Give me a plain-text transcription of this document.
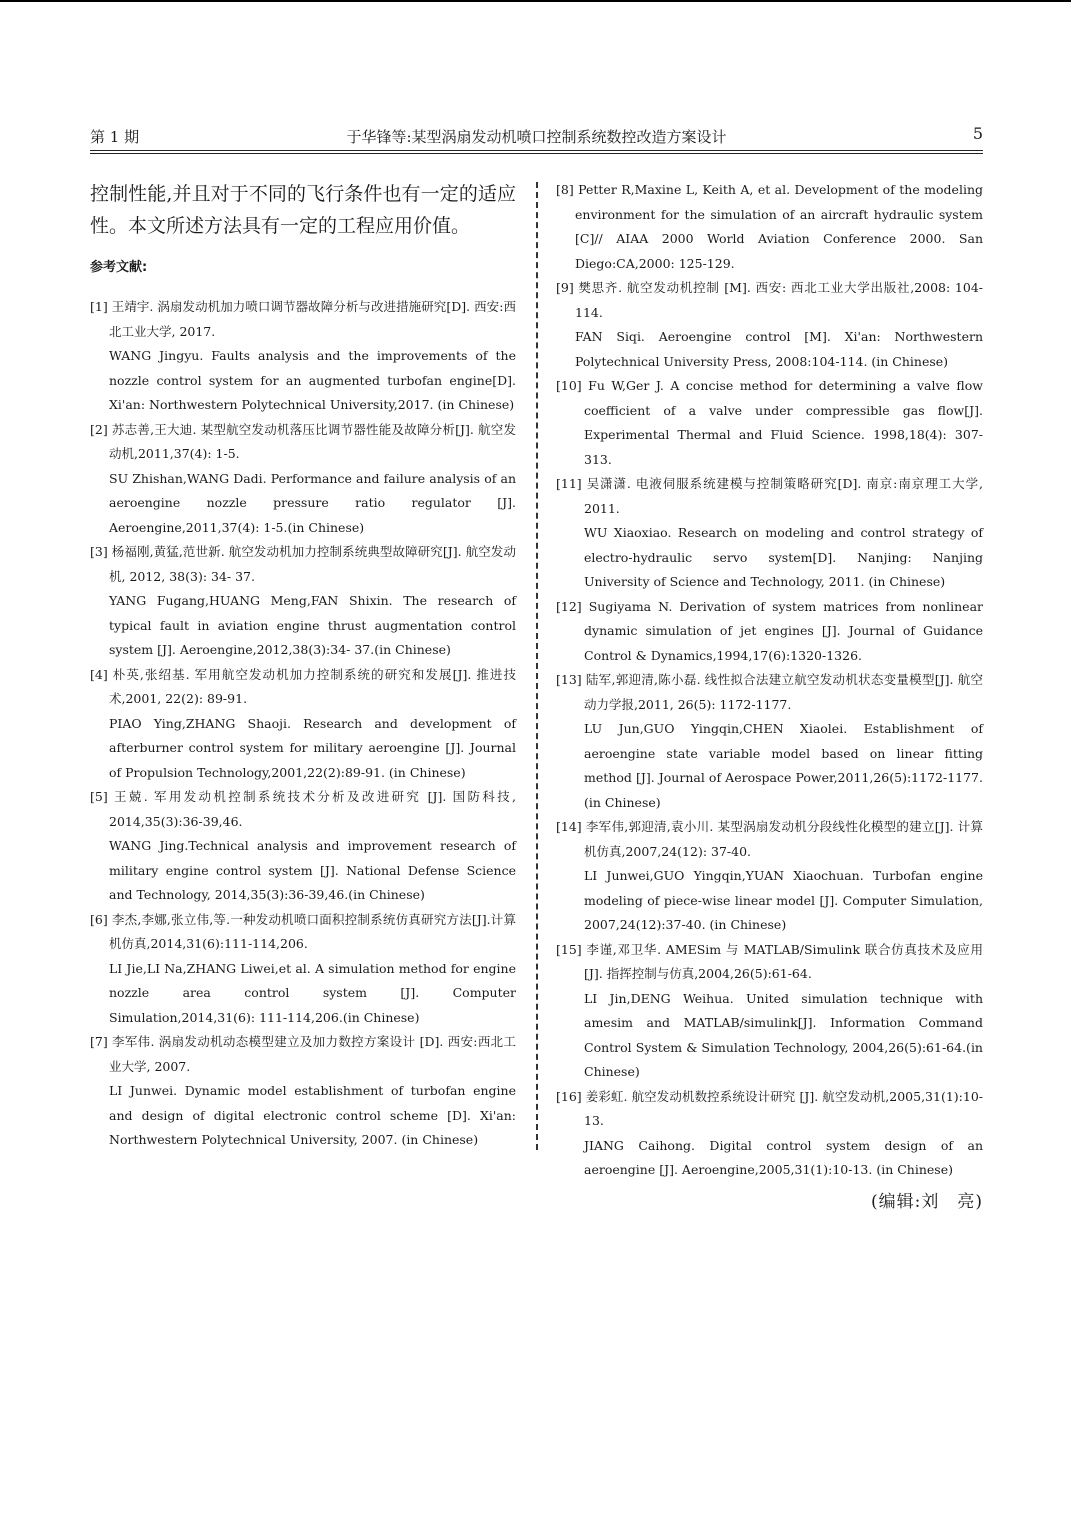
第 1 期	于华锋等:某型涡扇发动机喷口控制系统数控改造方案设计	5

控制性能,并且对于不同的飞行条件也有一定的适应性。本文所述方法具有一定的工程应用价值。

参考文献:

[1] 王靖宇. 涡扇发动机加力喷口调节器故障分析与改进措施研究[D]. 西安:西北工业大学, 2017.

WANG Jingyu. Faults analysis and the improvements of the nozzle control system for an augmented turbofan engine[D]. Xi'an: Northwestern Polytechnical University,2017. (in Chinese)

[2] 苏志善,王大迪. 某型航空发动机落压比调节器性能及故障分析[J]. 航空发动机,2011,37(4): 1-5.

SU Zhishan,WANG Dadi. Performance and failure analysis of an aeroengine nozzle pressure ratio regulator [J]. Aeroengine,2011,37(4): 1-5.(in Chinese)

[3] 杨福刚,黄猛,范世新. 航空发动机加力控制系统典型故障研究[J]. 航空发动机, 2012, 38(3): 34- 37.

YANG Fugang,HUANG Meng,FAN Shixin. The research of typical fault in aviation engine thrust augmentation control system [J]. Aeroengine,2012,38(3):34- 37.(in Chinese)

[4] 朴英,张绍基. 军用航空发动机加力控制系统的研究和发展[J]. 推进技术,2001, 22(2): 89-91.

PIAO Ying,ZHANG Shaoji. Research and development of afterburner control system for military aeroengine [J]. Journal of Propulsion Technology,2001,22(2):89-91. (in Chinese)

[5] 王兢. 军用发动机控制系统技术分析及改进研究 [J]. 国防科技, 2014,35(3):36-39,46.

WANG Jing.Technical analysis and improvement research of military engine control system [J]. National Defense Science and Technology, 2014,35(3):36-39,46.(in Chinese)

[6] 李杰,李娜,张立伟,等.一种发动机喷口面积控制系统仿真研究方法[J].计算机仿真,2014,31(6):111-114,206.

LI Jie,LI Na,ZHANG Liwei,et al. A simulation method for engine nozzle area control system [J]. Computer Simulation,2014,31(6): 111-114,206.(in Chinese)

[7] 李军伟. 涡扇发动机动态模型建立及加力数控方案设计 [D]. 西安:西北工业大学, 2007.

LI Junwei. Dynamic model establishment of turbofan engine and design of digital electronic control scheme [D]. Xi'an: Northwestern Polytechnical University, 2007. (in Chinese)

[8] Petter R,Maxine L, Keith A, et al. Development of the modeling environment for the simulation of an aircraft hydraulic system [C]// AIAA 2000 World Aviation Conference 2000. San Diego:CA,2000: 125-129.

[9] 樊思齐. 航空发动机控制 [M]. 西安: 西北工业大学出版社,2008: 104-114.

FAN Siqi. Aeroengine control [M]. Xi'an: Northwestern Polytechnical University Press, 2008:104-114. (in Chinese)

[10] Fu W,Ger J. A concise method for determining a valve flow coefficient of a valve under compressible gas flow[J]. Experimental Thermal and Fluid Science. 1998,18(4): 307-313.

[11] 吴潇潇. 电液伺服系统建模与控制策略研究[D]. 南京:南京理工大学, 2011.

WU Xiaoxiao. Research on modeling and control strategy of electro-hydraulic servo system[D]. Nanjing: Nanjing University of Science and Technology, 2011. (in Chinese)

[12] Sugiyama N. Derivation of system matrices from nonlinear dynamic simulation of jet engines [J]. Journal of Guidance Control & Dynamics,1994,17(6):1320-1326.

[13] 陆军,郭迎清,陈小磊. 线性拟合法建立航空发动机状态变量模型[J]. 航空动力学报,2011, 26(5): 1172-1177.

LU Jun,GUO Yingqin,CHEN Xiaolei. Establishment of aeroengine state variable model based on linear fitting method [J]. Journal of Aerospace Power,2011,26(5):1172-1177. (in Chinese)

[14] 李军伟,郭迎清,袁小川. 某型涡扇发动机分段线性化模型的建立[J]. 计算机仿真,2007,24(12): 37-40.

LI Junwei,GUO Yingqin,YUAN Xiaochuan. Turbofan engine modeling of piece-wise linear model [J]. Computer Simulation, 2007,24(12):37-40. (in Chinese)

[15] 李谨,邓卫华. AMESim 与 MATLAB/Simulink 联合仿真技术及应用[J]. 指挥控制与仿真,2004,26(5):61-64.

LI Jin,DENG Weihua. United simulation technique with amesim and MATLAB/simulink[J]. Information Command Control System & Simulation Technology, 2004,26(5):61-64.(in Chinese)

[16] 姜彩虹. 航空发动机数控系统设计研究 [J]. 航空发动机,2005,31(1):10-13.

JIANG Caihong. Digital control system design of an aeroengine [J]. Aeroengine,2005,31(1):10-13. (in Chinese)

(编辑:刘　亮)
